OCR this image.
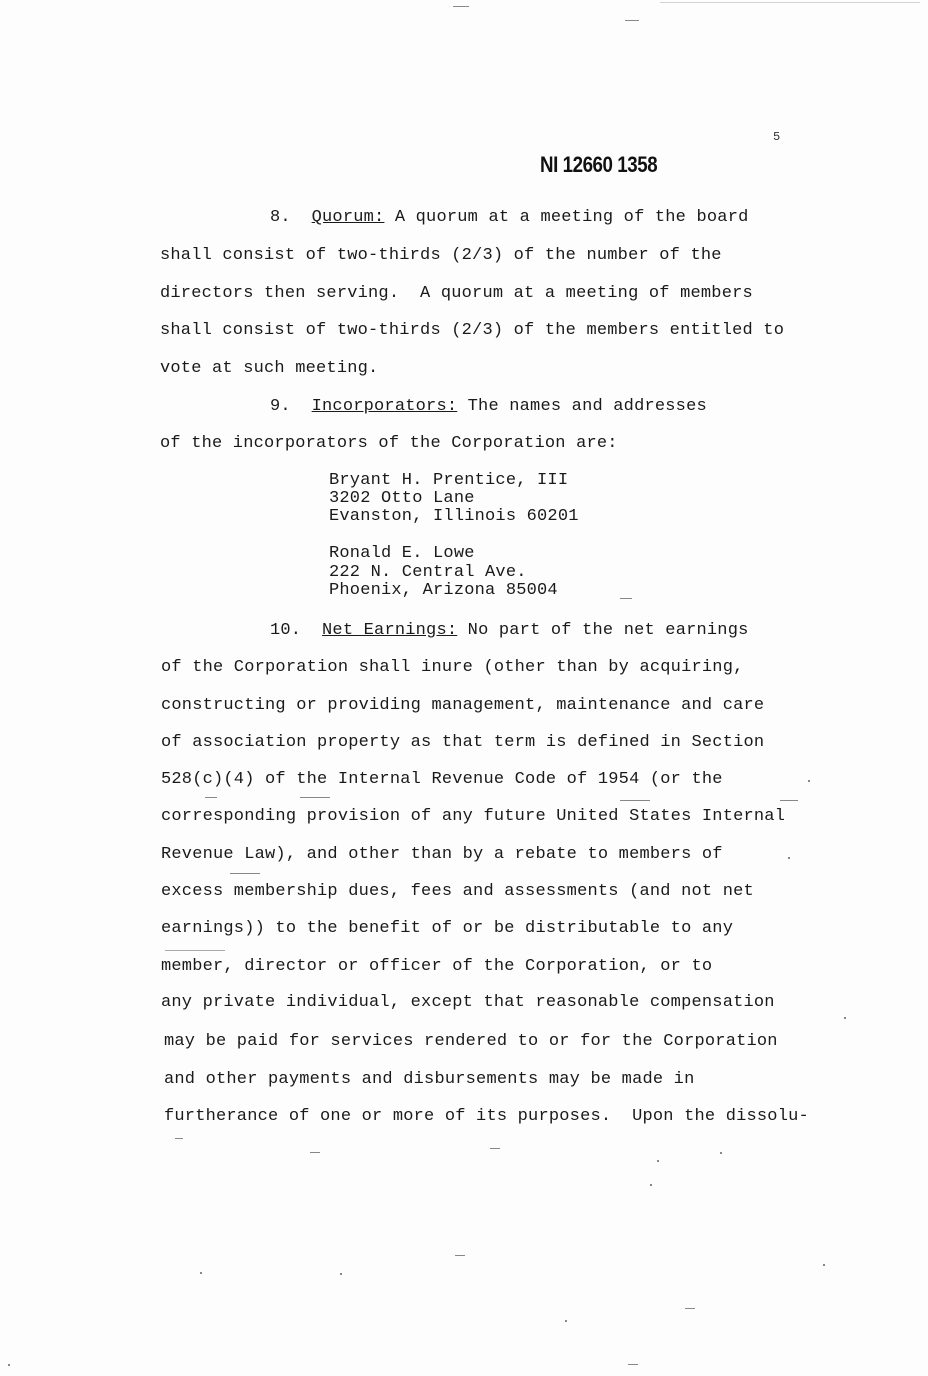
5
NI 12660 1358
8. Quorum: A quorum at a meeting of the board
shall consist of two-thirds (2/3) of the number of the
directors then serving.  A quorum at a meeting of members
shall consist of two-thirds (2/3) of the members entitled to
vote at such meeting.
9. Incorporators: The names and addresses
of the incorporators of the Corporation are:
Bryant H. Prentice, III
3202 Otto Lane
Evanston, Illinois 60201
Ronald E. Lowe
222 N. Central Ave.
Phoenix, Arizona 85004
10. Net Earnings: No part of the net earnings
of the Corporation shall inure (other than by acquiring,
constructing or providing management, maintenance and care
of association property as that term is defined in Section
528(c)(4) of the Internal Revenue Code of 1954 (or the
corresponding provision of any future United States Internal
Revenue Law), and other than by a rebate to members of
excess membership dues, fees and assessments (and not net
earnings)) to the benefit of or be distributable to any
member, director or officer of the Corporation, or to
any private individual, except that reasonable compensation
may be paid for services rendered to or for the Corporation
and other payments and disbursements may be made in
furtherance of one or more of its purposes.  Upon the dissolu-
